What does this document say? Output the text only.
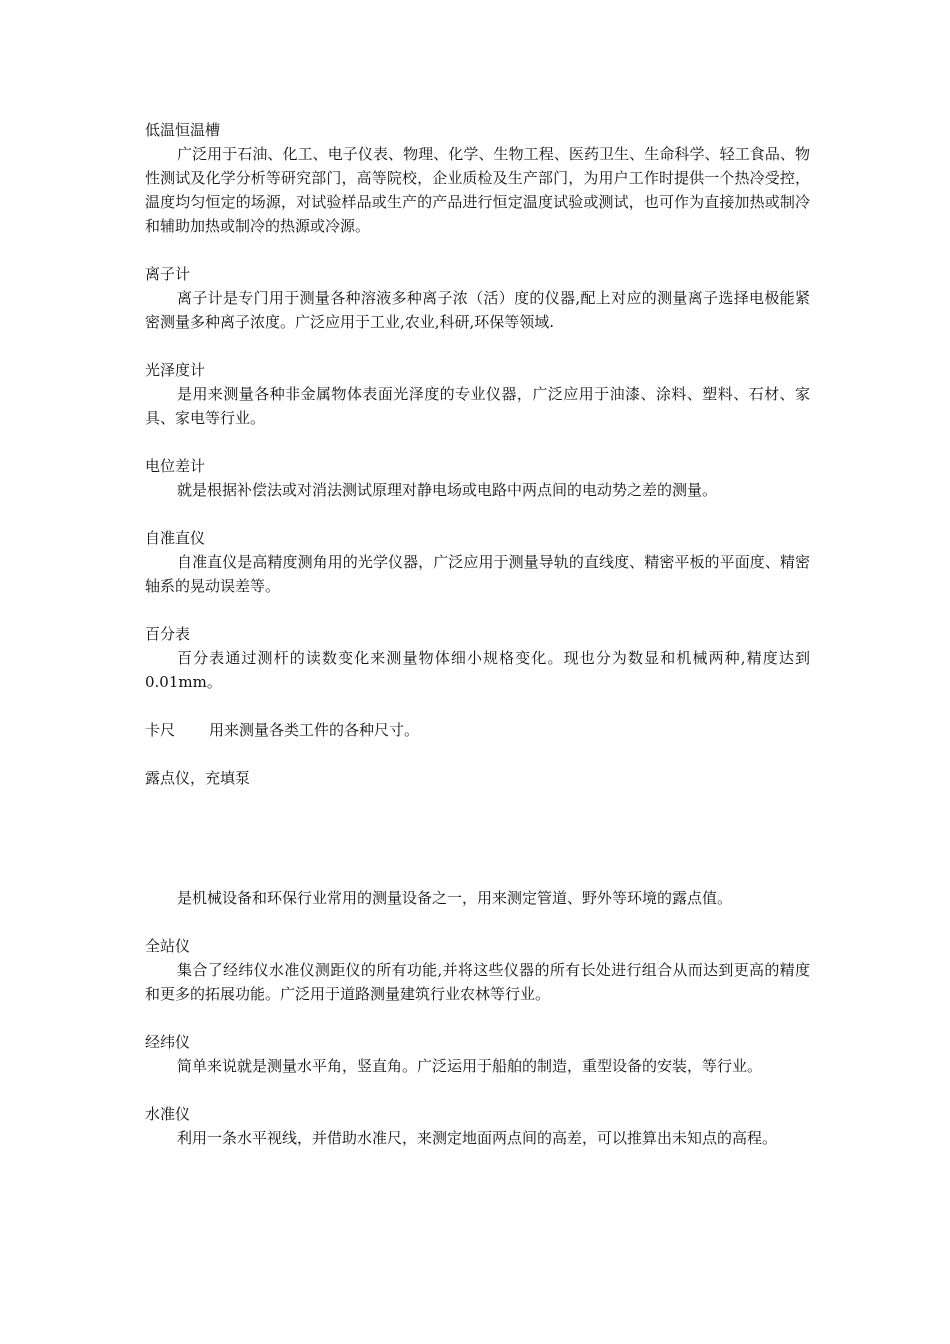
低温恒温槽

广泛用于石油、化工、电子仪表、物理、化学、生物工程、医药卫生、生命科学、轻工食品、物性测试及化学分析等研究部门，高等院校，企业质检及生产部门，为用户工作时提供一个热冷受控，温度均匀恒定的场源，对试验样品或生产的产品进行恒定温度试验或测试，也可作为直接加热或制冷和辅助加热或制冷的热源或冷源。

离子计

离子计是专门用于测量各种溶液多种离子浓（活）度的仪器,配上对应的测量离子选择电极能紧密测量多种离子浓度。广泛应用于工业,农业,科研,环保等领域.

光泽度计

是用来测量各种非金属物体表面光泽度的专业仪器，广泛应用于油漆、涂料、塑料、石材、家具、家电等行业。

电位差计

就是根据补偿法或对消法测试原理对静电场或电路中两点间的电动势之差的测量。

自准直仪

自准直仪是高精度测角用的光学仪器，广泛应用于测量导轨的直线度、精密平板的平面度、精密轴系的晃动误差等。

百分表

百分表通过测杆的读数变化来测量物体细小规格变化。现也分为数显和机械两种,精度达到 0.01mm。

卡尺 用来测量各类工件的各种尺寸。

露点仪，充填泵

是机械设备和环保行业常用的测量设备之一，用来测定管道、野外等环境的露点值。

全站仪

集合了经纬仪水准仪测距仪的所有功能,并将这些仪器的所有长处进行组合从而达到更高的精度和更多的拓展功能。广泛用于道路测量建筑行业农林等行业。

经纬仪

简单来说就是测量水平角，竖直角。广泛运用于船舶的制造，重型设备的安装，等行业。

水准仪

利用一条水平视线，并借助水准尺，来测定地面两点间的高差，可以推算出未知点的高程。
